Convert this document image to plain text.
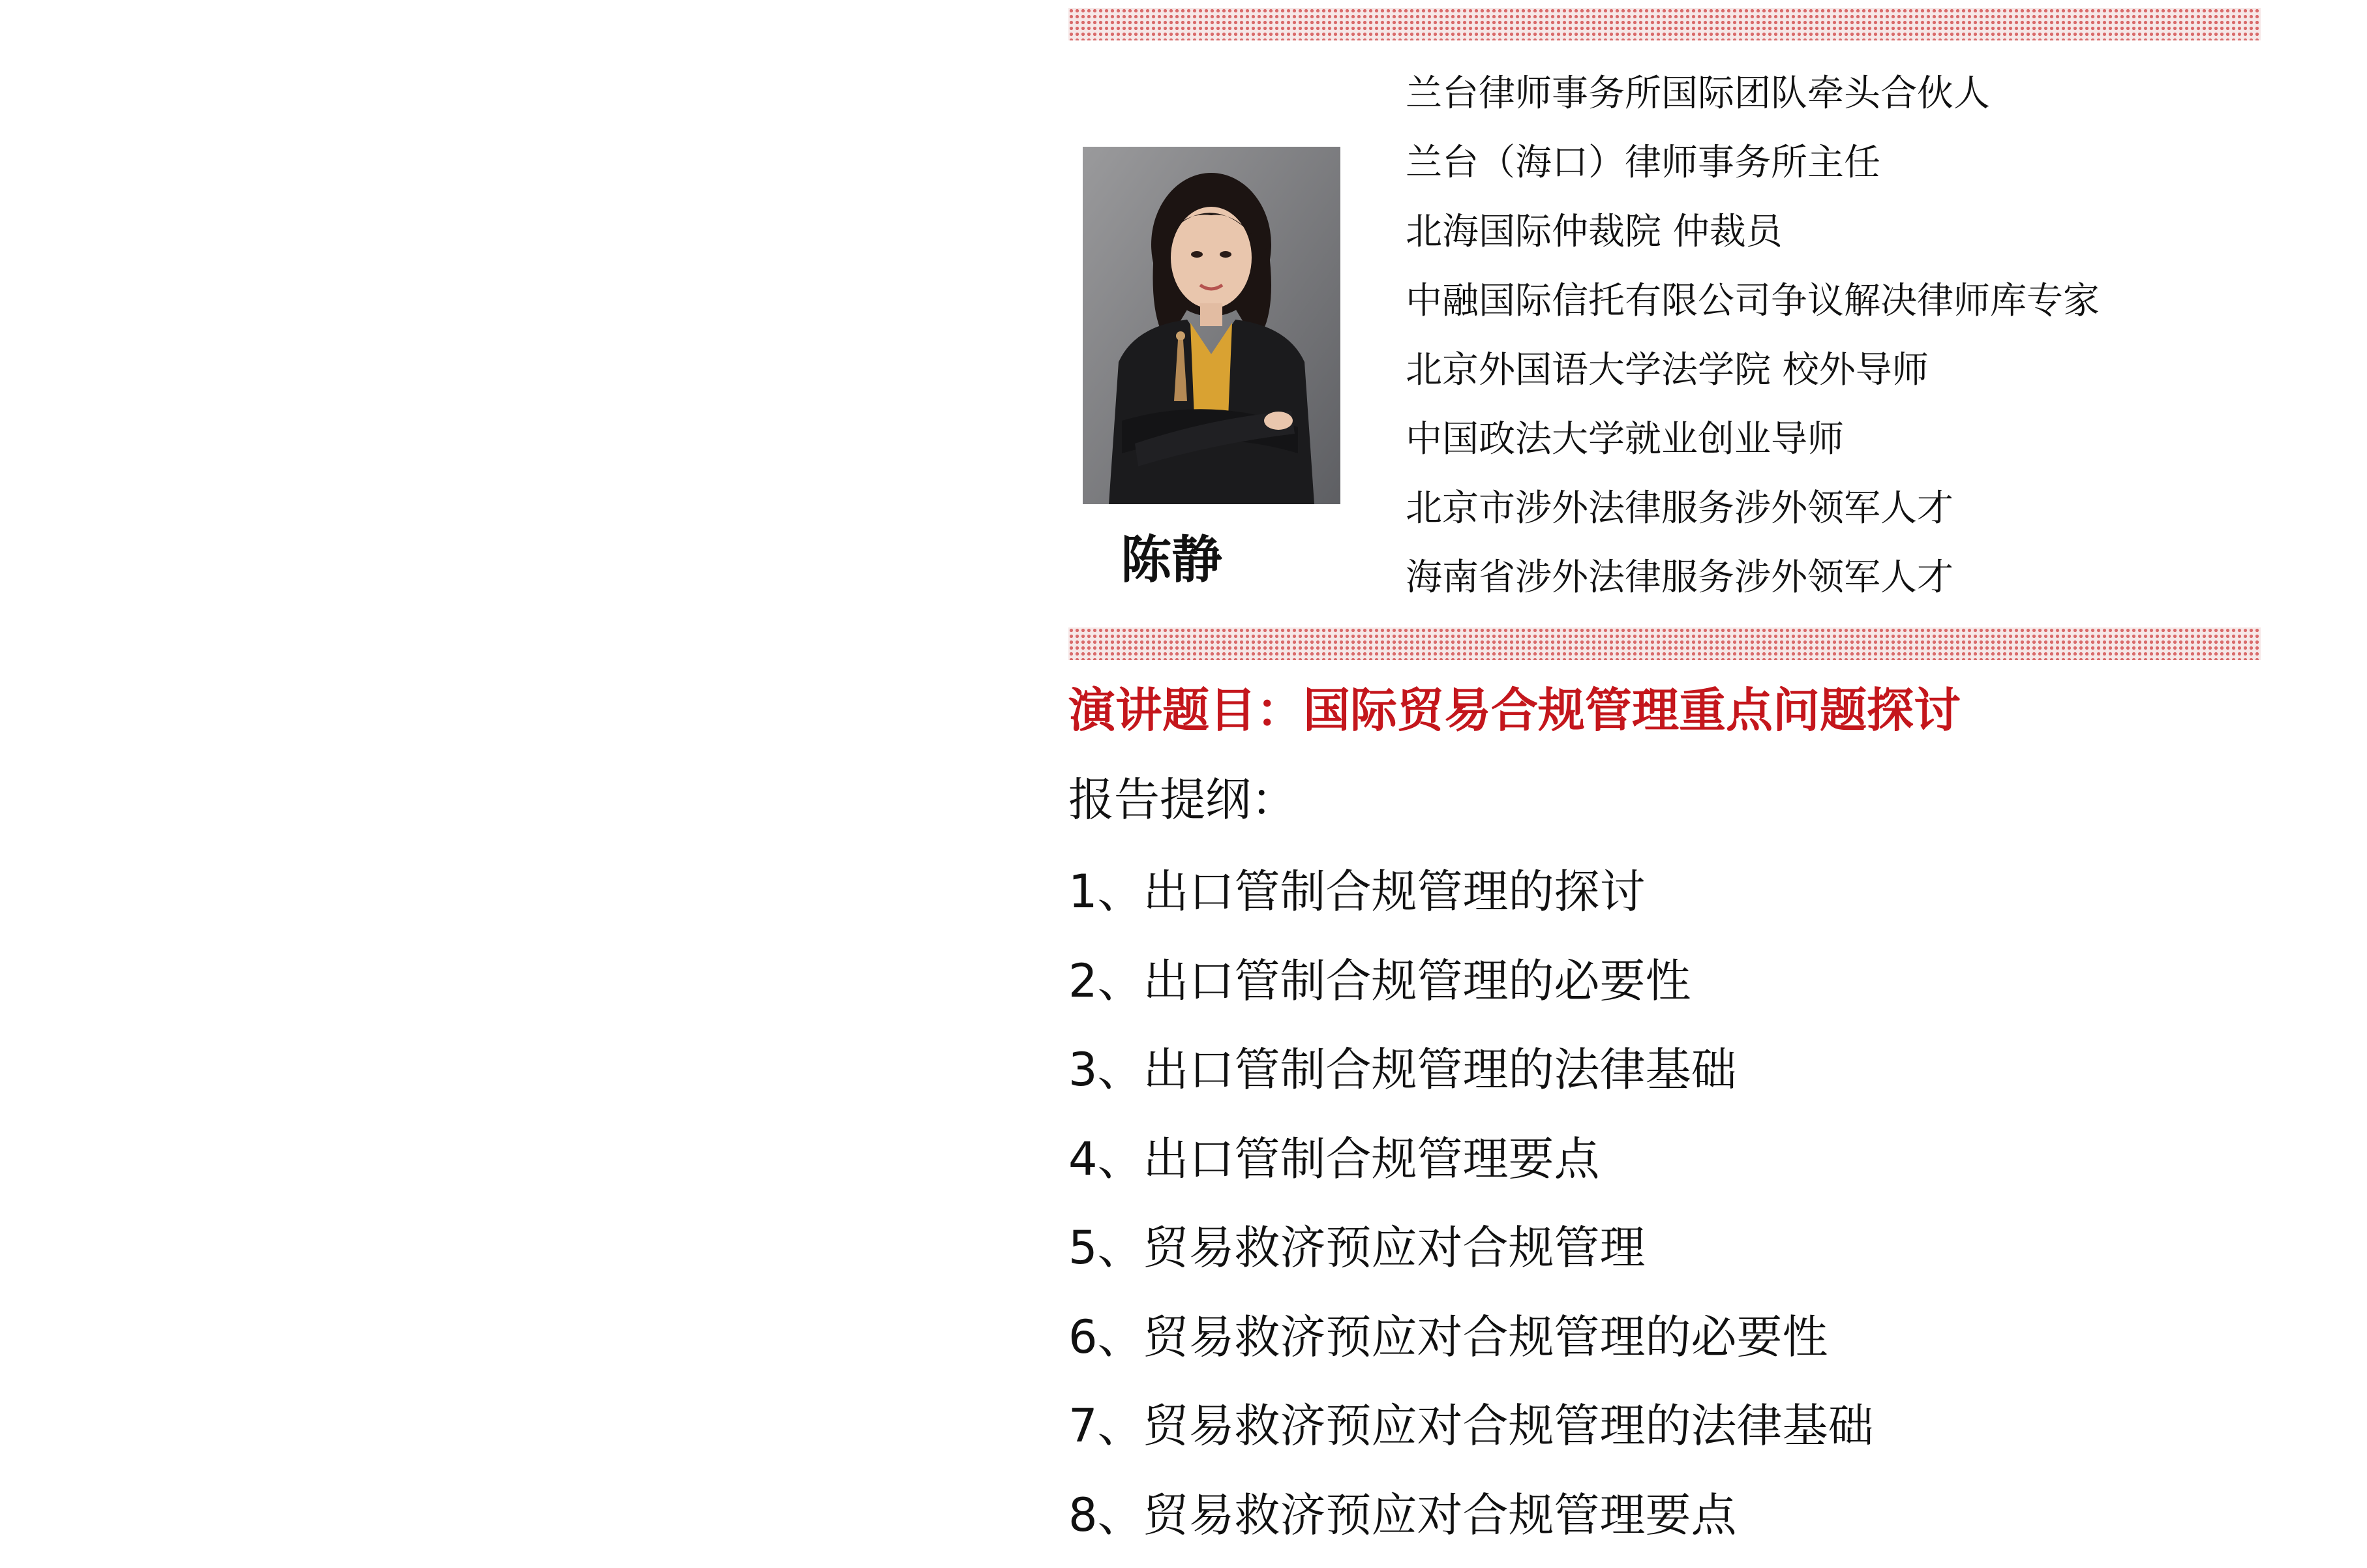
陈静
兰台律师事务所国际团队牵头合伙人
兰台（海口）律师事务所主任
北海国际仲裁院 仲裁员
中融国际信托有限公司争议解决律师库专家
北京外国语大学法学院 校外导师
中国政法大学就业创业导师
北京市涉外法律服务涉外领军人才
海南省涉外法律服务涉外领军人才
演讲题目：国际贸易合规管理重点问题探讨
报告提纲：
1、出口管制合规管理的探讨
2、出口管制合规管理的必要性
3、出口管制合规管理的法律基础
4、出口管制合规管理要点
5、贸易救济预应对合规管理
6、贸易救济预应对合规管理的必要性
7、贸易救济预应对合规管理的法律基础
8、贸易救济预应对合规管理要点
